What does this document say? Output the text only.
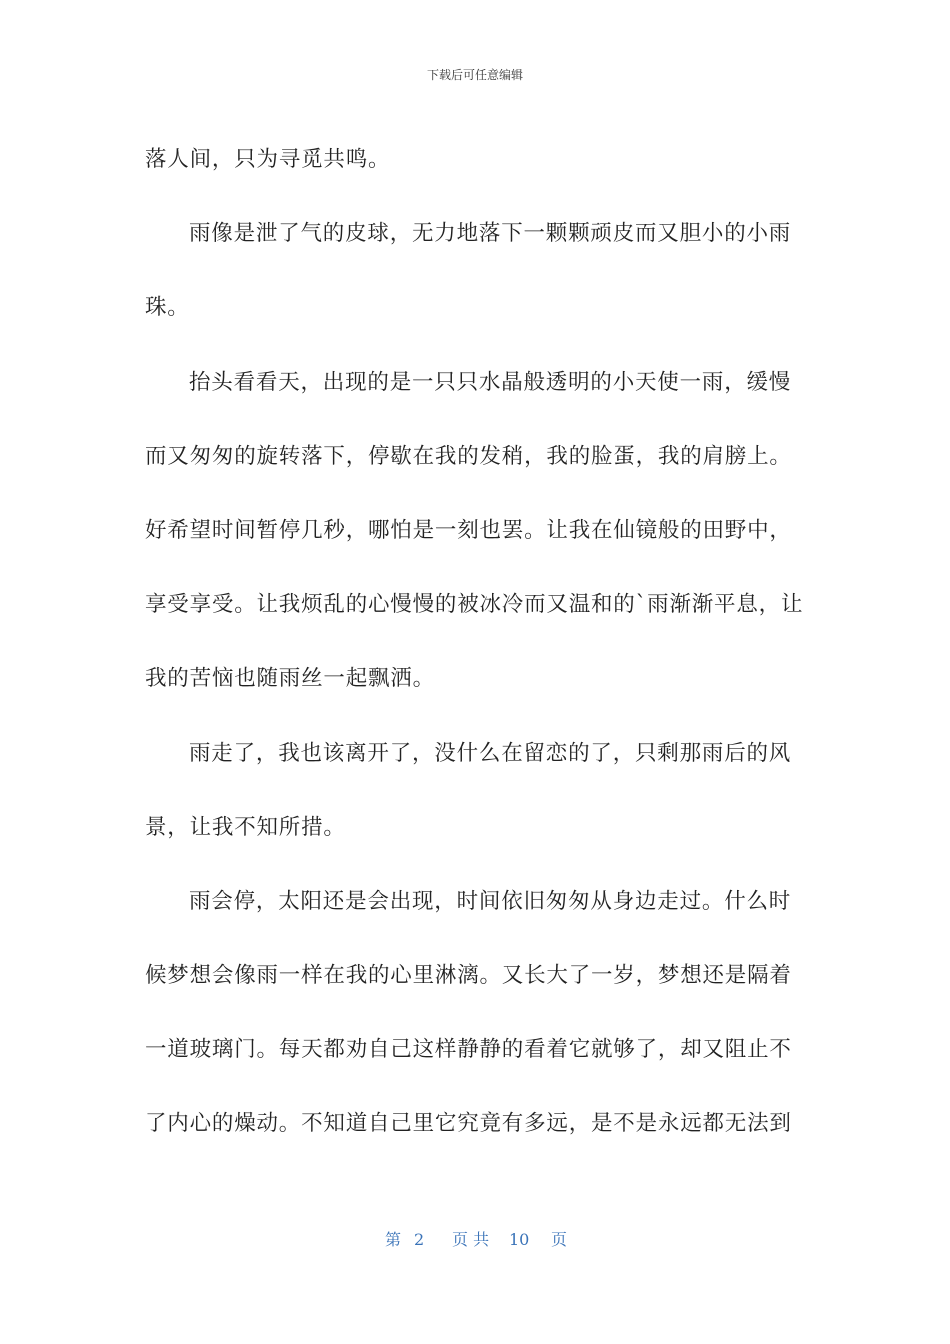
下载后可任意编辑
落人间，只为寻觅共鸣。
雨像是泄了气的皮球，无力地落下一颗颗顽皮而又胆小的小雨
珠。
抬头看看天，出现的是一只只水晶般透明的小天使一雨，缓慢
而又匆匆的旋转落下，停歇在我的发稍，我的脸蛋，我的肩膀上。
好希望时间暂停几秒，哪怕是一刻也罢。让我在仙镜般的田野中，
享受享受。让我烦乱的心慢慢的被冰冷而又温和的`雨渐渐平息，让
我的苦恼也随雨丝一起飘洒。
雨走了，我也该离开了，没什么在留恋的了，只剩那雨后的风
景，让我不知所措。
雨会停，太阳还是会出现，时间依旧匆匆从身边走过。什么时
候梦想会像雨一样在我的心里淋漓。又长大了一岁，梦想还是隔着
一道玻璃门。每天都劝自己这样静静的看着它就够了，却又阻止不
了内心的燥动。不知道自己里它究竟有多远，是不是永远都无法到
第 2 页 共 10 页
